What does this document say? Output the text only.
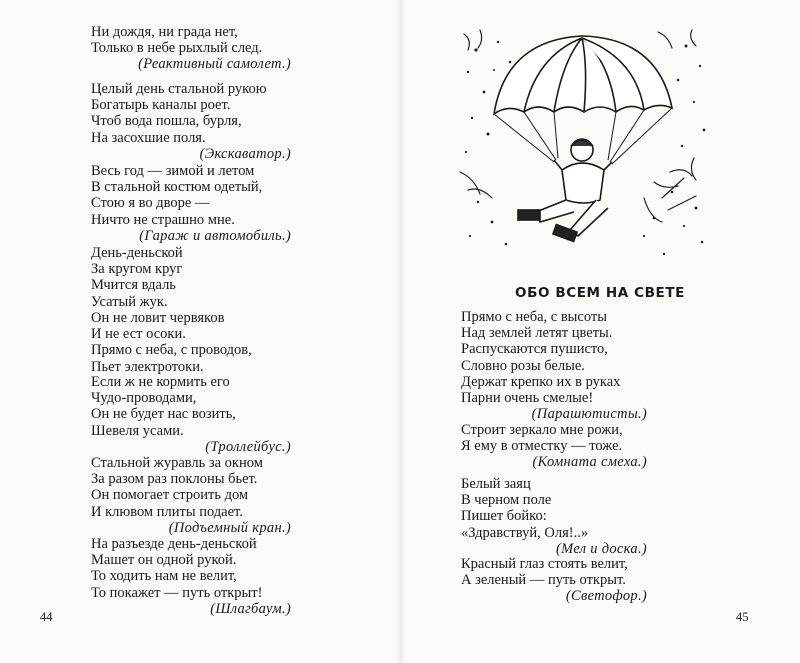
Ни дождя, ни града нет,
Только в небе рыхлый след.
(Реактивный самолет.)
Целый день стальной рукою
Богатырь каналы роет.
Чтоб вода пошла, бурля,
На засохшие поля.
(Экскаватор.)
Весь год — зимой и летом
В стальной костюм одетый,
Стою я во дворе —
Ничто не страшно мне.
(Гараж и автомобиль.)
День-деньской
За кругом круг
Мчится вдаль
Усатый жук.
Он не ловит червяков
И не ест осоки.
Прямо с неба, с проводов,
Пьет электротоки.
Если ж не кормить его
Чудо-проводами,
Он не будет нас возить,
Шевеля усами.
(Троллейбус.)
Стальной журавль за окном
За разом раз поклоны бьет.
Он помогает строить дом
И клювом плиты подает.
(Подъемный кран.)
На разъезде день-деньской
Машет он одной рукой.
То ходить нам не велит,
То покажет — путь открыт!
(Шлагбаум.)
44
ОБО ВСЕМ НА СВЕТЕ
Прямо с неба, с высоты
Над землей летят цветы.
Распускаются пушисто,
Словно розы белые.
Держат крепко их в руках
Парни очень смелые!
(Парашютисты.)
Строит зеркало мне рожи,
Я ему в отместку — тоже.
(Комната смеха.)
Белый заяц
В черном поле
Пишет бойко:
«Здравствуй, Оля!..»
(Мел и доска.)
Красный глаз стоять велит,
А зеленый — путь открыт.
(Светофор.)
45
